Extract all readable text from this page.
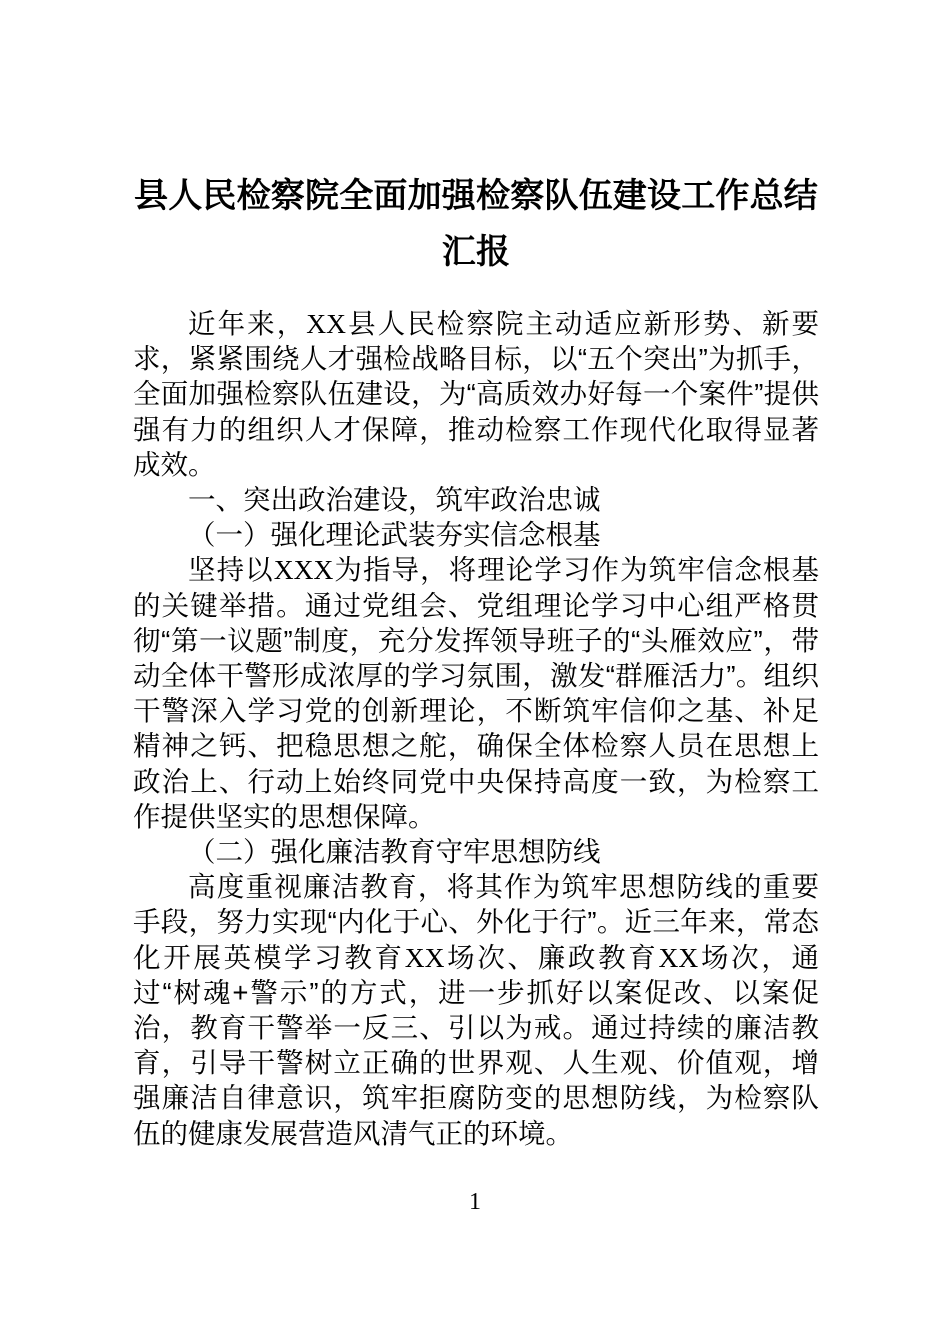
县人民检察院全面加强检察队伍建设工作总结汇报

近年来，XX县人民检察院主动适应新形势、新要求，紧紧围绕人才强检战略目标，以“五个突出”为抓手，全面加强检察队伍建设，为“高质效办好每一个案件”提供强有力的组织人才保障，推动检察工作现代化取得显著成效。

一、突出政治建设，筑牢政治忠诚

（一）强化理论武装夯实信念根基

坚持以XXX为指导，将理论学习作为筑牢信念根基的关键举措。通过党组会、党组理论学习中心组严格贯彻“第一议题”制度，充分发挥领导班子的“头雁效应”，带动全体干警形成浓厚的学习氛围，激发“群雁活力”。组织干警深入学习党的创新理论，不断筑牢信仰之基、补足精神之钙、把稳思想之舵，确保全体检察人员在思想上政治上、行动上始终同党中央保持高度一致，为检察工作提供坚实的思想保障。

（二）强化廉洁教育守牢思想防线

高度重视廉洁教育，将其作为筑牢思想防线的重要手段，努力实现“内化于心、外化于行”。近三年来，常态化开展英模学习教育XX场次、廉政教育XX场次，通过“树魂+警示”的方式，进一步抓好以案促改、以案促治，教育干警举一反三、引以为戒。通过持续的廉洁教育，引导干警树立正确的世界观、人生观、价值观，增强廉洁自律意识，筑牢拒腐防变的思想防线，为检察队伍的健康发展营造风清气正的环境。

1
